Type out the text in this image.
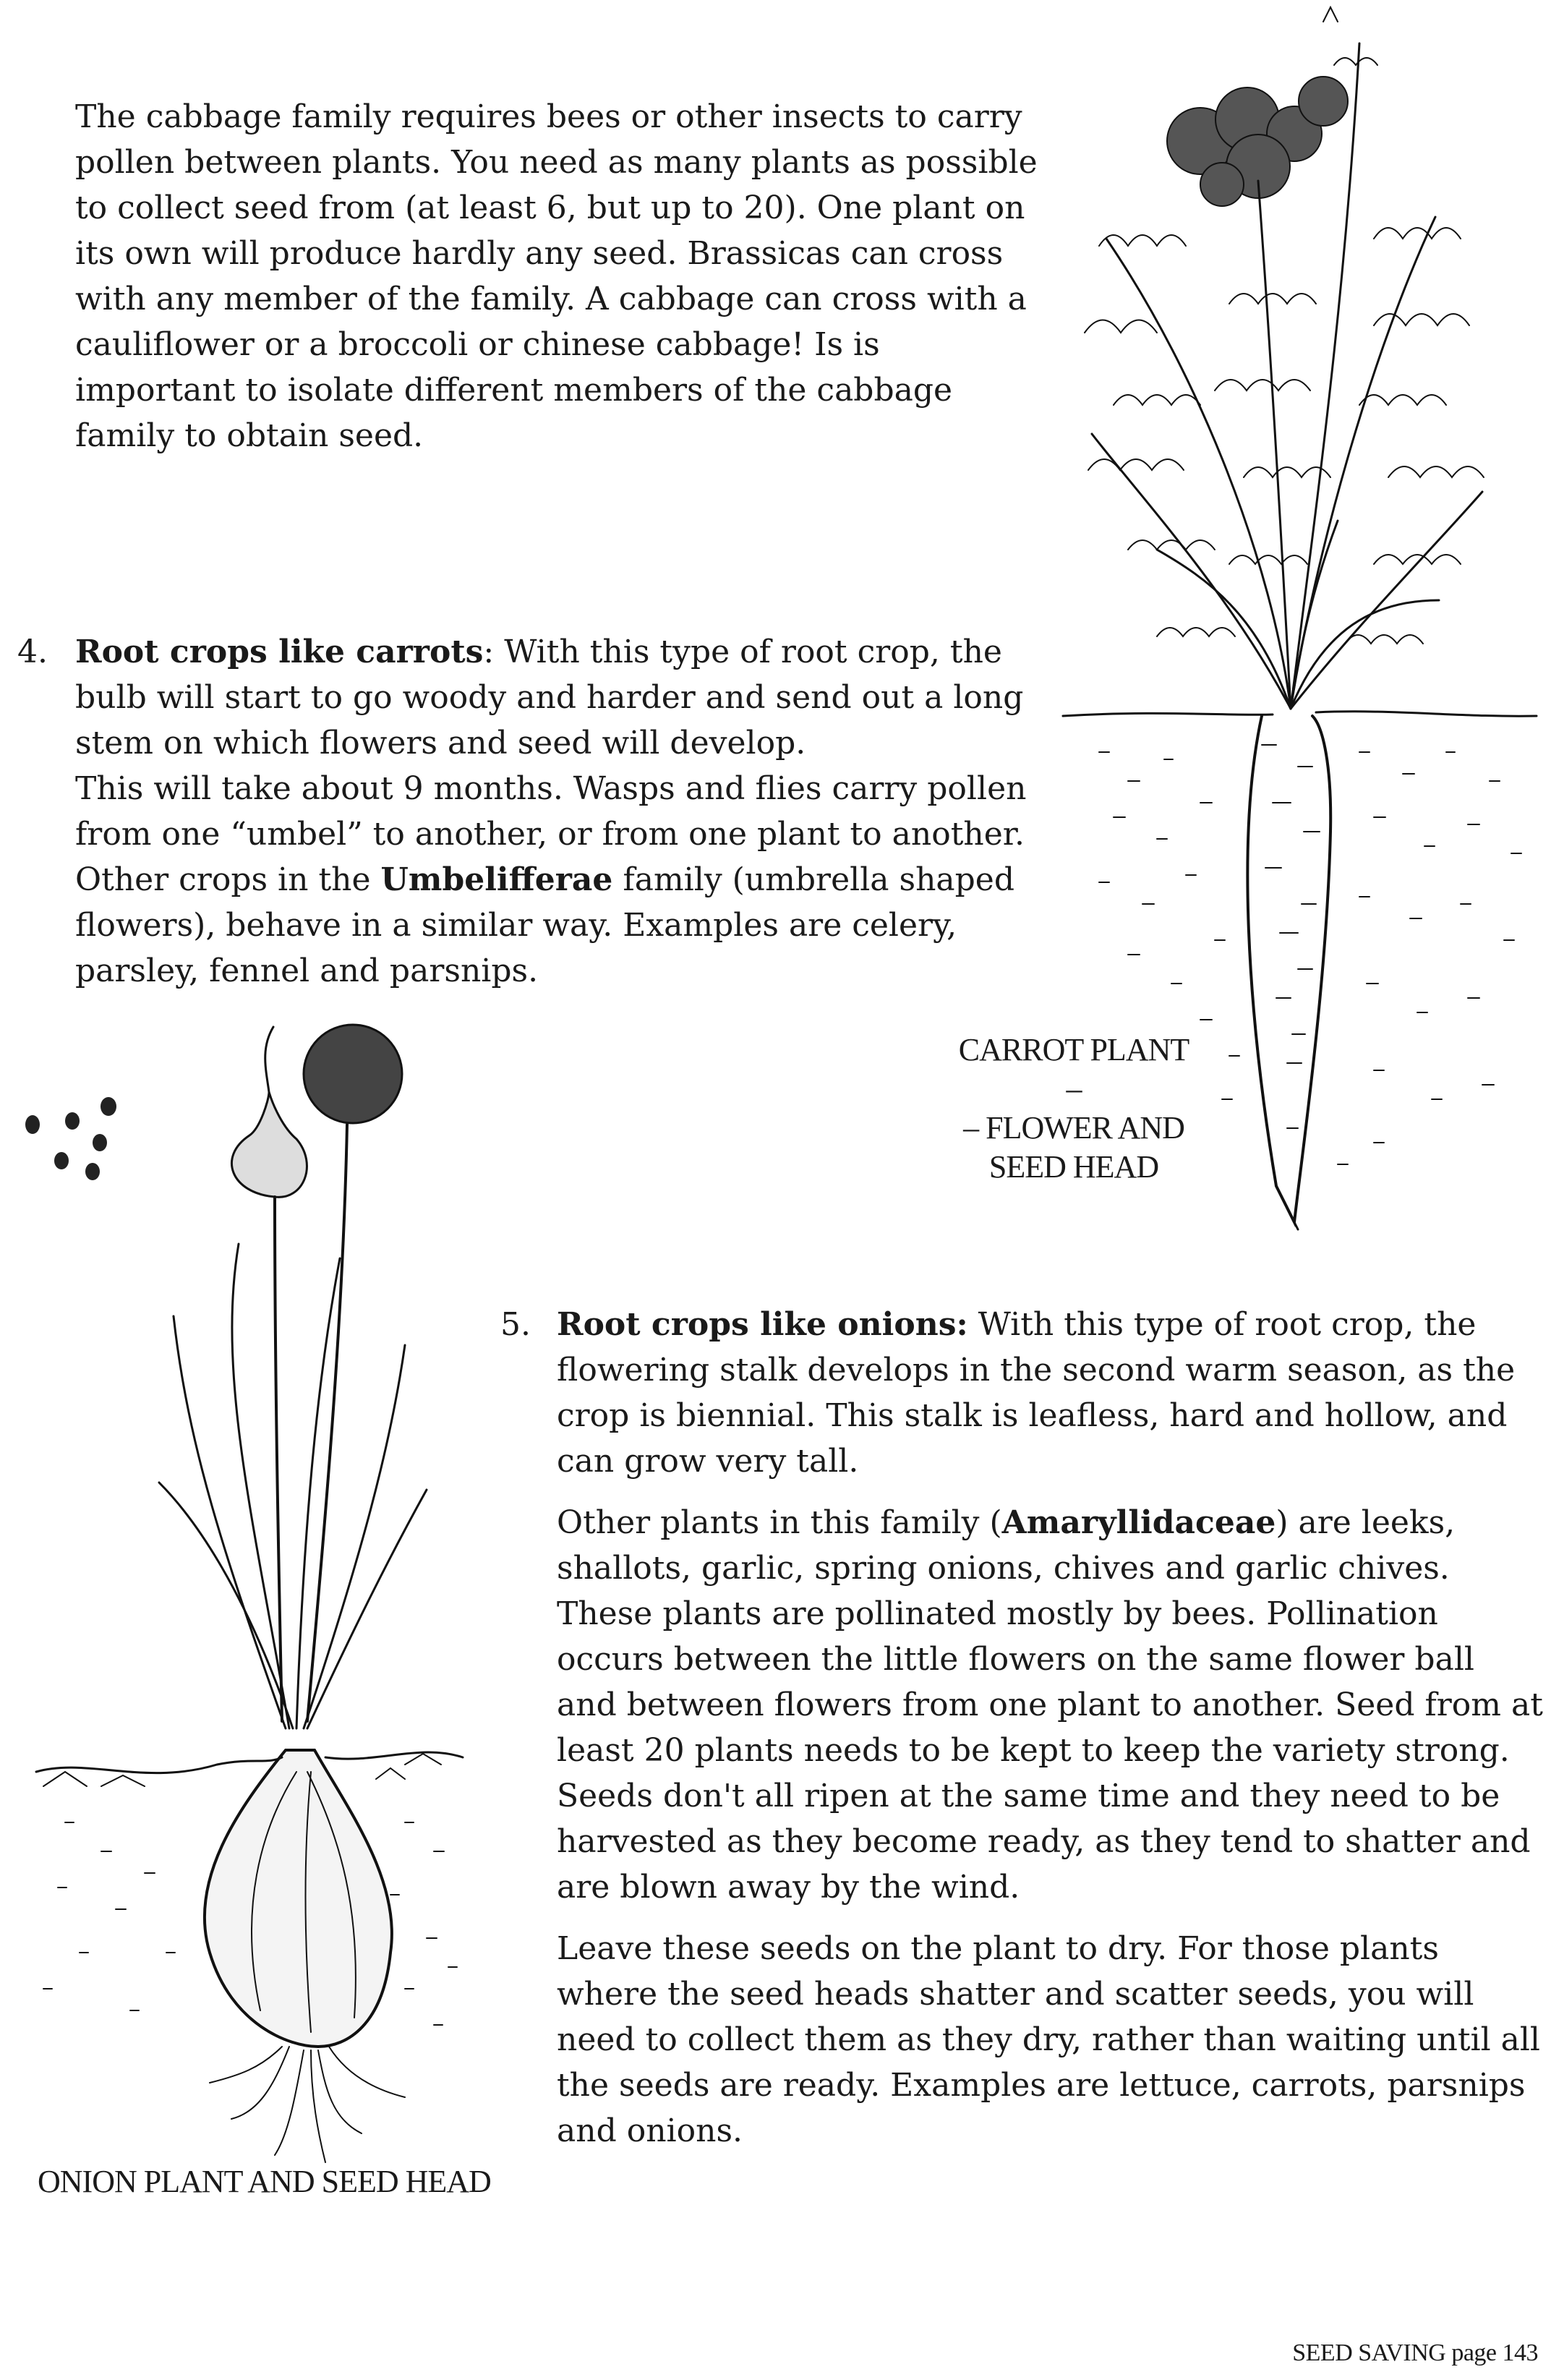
The cabbage family requires bees or other insects to carry pollen between plants. You need as many plants as possible to collect seed from (at least 6, but up to 20). One plant on its own will produce hardly any seed. Brassicas can cross with any member of the family. A cabbage can cross with a cauliflower or a broccoli or chinese cabbage! Is is important to isolate different members of the cabbage family to obtain seed.

4. Root crops like carrots: With this type of root crop, the bulb will start to go woody and harder and send out a long stem on which flowers and seed will develop.
This will take about 9 months. Wasps and flies carry pollen from one “umbel” to another, or from one plant to another. Other crops in the Umbelifferae family (umbrella shaped flowers), behave in a similar way. Examples are celery, parsley, fennel and parsnips.
5. Root crops like onions: With this type of root crop, the flowering stalk develops in the second warm season, as the crop is biennial. This stalk is leafless, hard and hollow, and can grow very tall.

Other plants in this family (Amaryllidaceae) are leeks, shallots, garlic, spring onions, chives and garlic chives. These plants are pollinated mostly by bees. Pollination occurs between the little flowers on the same flower ball and between flowers from one plant to another. Seed from at least 20 plants needs to be kept to keep the variety strong. Seeds don't all ripen at the same time and they need to be harvested as they become ready, as they tend to shatter and are blown away by the wind.

Leave these seeds on the plant to dry. For those plants where the seed heads shatter and scatter seeds, you will need to collect them as they dry, rather than waiting until all the seeds are ready. Examples are lettuce, carrots, parsnips and onions.

CARROT PLANT –
– FLOWER AND
SEED HEAD
ONION PLANT AND SEED HEAD
SEED SAVING page 143
